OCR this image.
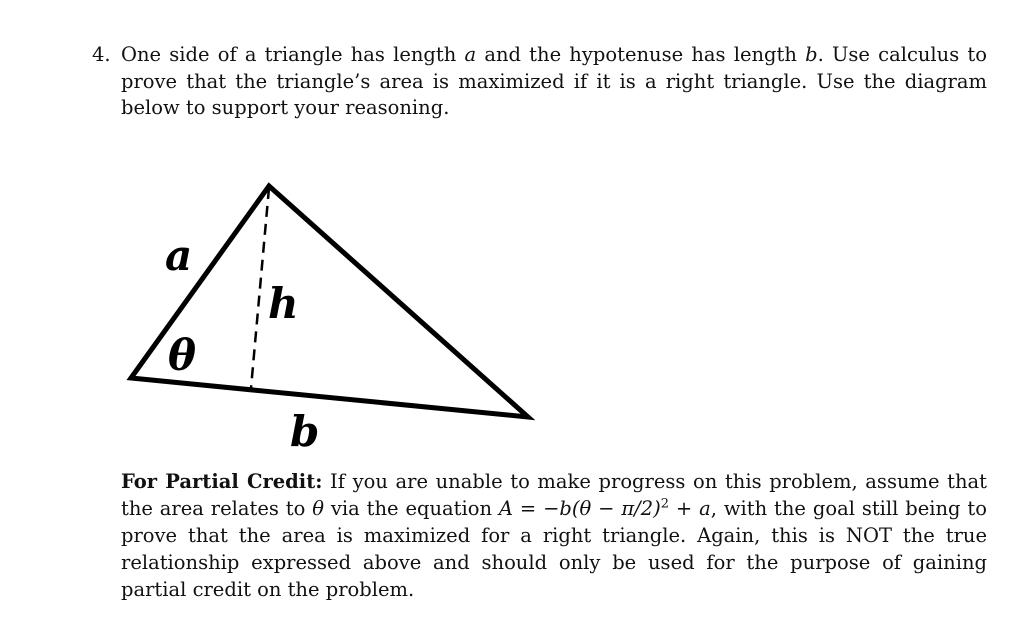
4. One side of a triangle has length a and the hypotenuse has length b. Use calculus to prove that the triangle’s area is maximized if it is a right triangle. Use the diagram below to support your reasoning.
a
h
θ
b
For Partial Credit: If you are unable to make progress on this problem, assume that the area relates to θ via the equation $A = -b(\theta - \pi/2)^2 + a$, with the goal still being to prove that the area is maximized for a right triangle. Again, this is NOT the true relationship expressed above and should only be used for the purpose of gaining partial credit on the problem.
